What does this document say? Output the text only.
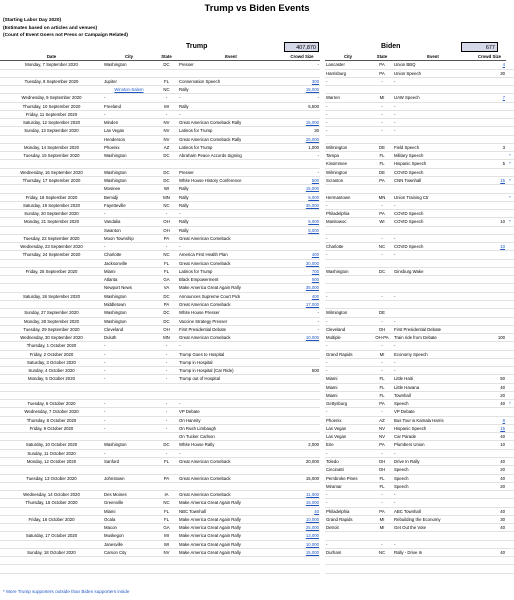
Trump vs Biden Events
(Starting Labor Day 2020)
(Estimates based on articles and venues)
(Count of Event Goers not Press or Campaign Related)
Trump	407,870	Biden	677
Date	City	State	Event	Crowd Size		City	State	Event	Crowd Size	
Monday, 7 September 2020	Washington	DC	Presser	-		Lancaster	PA	Union BBQ	4	
						Harrisburg	PA	Union Speech	30	
Tuesday, 8 September 2020	Jupiter	FL	Conservation Speech	300		-	-	-		
	Winston-Salem	NC	Rally	15,000						
Wednesday, 9 September 2020	-	-	-	-		Warren	MI	UAW Speech	7	
Thursday, 10 September 2020	Freeland	MI	Rally	5,500		-	-	-		
Friday, 11 September 2020	-	-	-			-	-	-		
Saturday, 12 September 2020	Minden	NV	Great American Comeback Rally	15,000		-	-	-		
Sunday, 13 September 2020	Las Vegas	NV	Latinos for Trump	30		-	-	-		
	Henderson	NV	Great American Comeback Rally	25,000						
Monday, 14 September 2020	Phoenix	AZ	Latinos for Trump	1,000		Wilmington	DE	Field Speech	3	
Tuesday, 15 September 2020	Washington	DC	Abraham Peace Accords Signing	-		Tampa	FL	Military Speech		*
						Kissimmee	FL	Hispanic Speech	5	*
Wednesday, 16 September 2020	Washington	DC	Presser	-		Wilmington	DE	COVID Speech		
Thursday, 17 September 2020	Washington	DC	White House History Conference	500		Scranton	PA	CNN Townhall	15	*
	Mosinee	WI	Rally	15,000						
Friday, 18 September 2020	Bemidji	MN	Rally	5,000		Hermantown	MN	Union Training Ctr		*
Saturday, 19 September 2020	Fayetteville	NC	Rally	35,000		-	-	-		
Sunday, 20 September 2020	-	-	-			Philadelphia	PA	COVID Speech		
Monday, 21 September 2020	Vandalia	OH	Rally	5,000		Manitowoc	WI	COVID Speech	10	*
	Swanton	OH	Rally	5,000						
Tuesday, 22 September 2020	Moon Township	PA	Great American Comeback			-	-	-		
Wednesday, 23 September 2020	-	-	-			Charlotte	NC	COVID Speech	10	
Thursday, 24 September 2020	Charlotte	NC	America First Health Plan	400		-	-	-		
	Jacksonville	FL	Great American Comeback	30,000						
Friday, 25 September 2020	Miami	FL	Latinos for Trump	700		Washington	DC	Ginsburg Wake		
	Atlanta	GA	Black Empowerment	500						
	Newport News	VA	Make America Great Again Rally	35,000						
Saturday, 26 September 2020	Washington	DC	Announces Supreme Court Pick	400		-	-	-		
	Middletown	PA	Great American Comeback	17,000						
Sunday, 27 September 2020	Washington	DC	White House Presser	-		Wilmington	DE			
Monday, 28 September 2020	Washington	DC	Vaccine Strategy Presser	-		-	-	-		
Tuesday, 29 September 2020	Cleveland	OH	First Presidential Debate	-		Cleveland	OH	First Presidential Debate		
Wednesday, 30 September 2020	Duluth	MN	Great American Comeback	10,000		Multiple	OH-PA	Train ride from Debate	100	
Thursday, 1 October 2020	-	-	-			-	-	-		
Friday, 2 October 2020	-	-	Trump Goes to Hospital			Grand Rapids	MI	Economy Speech		
Saturday, 3 October 2020	-	-	Trump in Hospital			-	-	-		
Sunday, 4 October 2020	-	-	Trump in Hospital (Car Ride)	500		-	-	-		
Monday, 5 October 2020	-	-	Trump out of Hospital			Miami	FL	Little Haiti	50	
						Miami	FL	Little Havana	40	
						Miami	FL	Townhall	20	
Tuesday, 6 October 2020	-	-	-			Gettysburg	PA	Speech	40	*
Wednesday, 7 October 2020	-	-	VP Debate			-	-	VP Debate		
Thursday, 8 October 2020	-	-	On Hannity			Phoenix	AZ	Bus Tour w Kamala Harris	8	
Friday, 9 October 2020	-	-	On Rush Limbaugh			Las Vegas	NV	Hispanic Speech	15	
			On Tucker Carlson			Las Vegas	NV	Car Parade	40	
Saturday, 10 October 2020	Washington	DC	White House Rally	2,000		Erie	PA	Plumbers Union	10	
Sunday, 11 October 2020	-	-	-			-	-	-		
Monday, 12 October 2020	Sanford	FL	Great American Comeback	20,000		Toledo	OH	Drive In Rally	40	
						Cincinatti	OH	Speech	20	
Tuesday, 13 October 2020	Johnstown	PA	Great American Comeback	15,000		Pembroke Pines	FL	Speech	40	
						Miramar	FL	Speech	20	
Wednesday, 14 October 2020	Des Moines	IA	Great American Comeback	11,000		-	-	-		
Thursday, 15 October 2020	Greenville	NC	Make America Great Again Rally	15,000		-	-	-		
	Miami	FL	NBC Townhall	40		Philadelphia	PA	ABC Townhall	40	
Friday, 16 October 2020	Ocala	FL	Make America Great Again Rally	10,000		Grand Rapids	MI	Rebuilding the Economy	30	
	Macon	GA	Make America Great Again Rally	25,000		Detroit	MI	Get Out the Vote	40	
Saturday, 17 October 2020	Muskegon	MI	Make America Great Again Rally	13,000						
	Janesville	WI	Make America Great Again Rally	10,000		-	-	-		
Sunday, 18 October 2020	Carson City	NV	Make America Great Again Rally	15,000		Durham	NC	Rally - Drive In	40	

* More Trump supporters outside than Biden supporters inside
